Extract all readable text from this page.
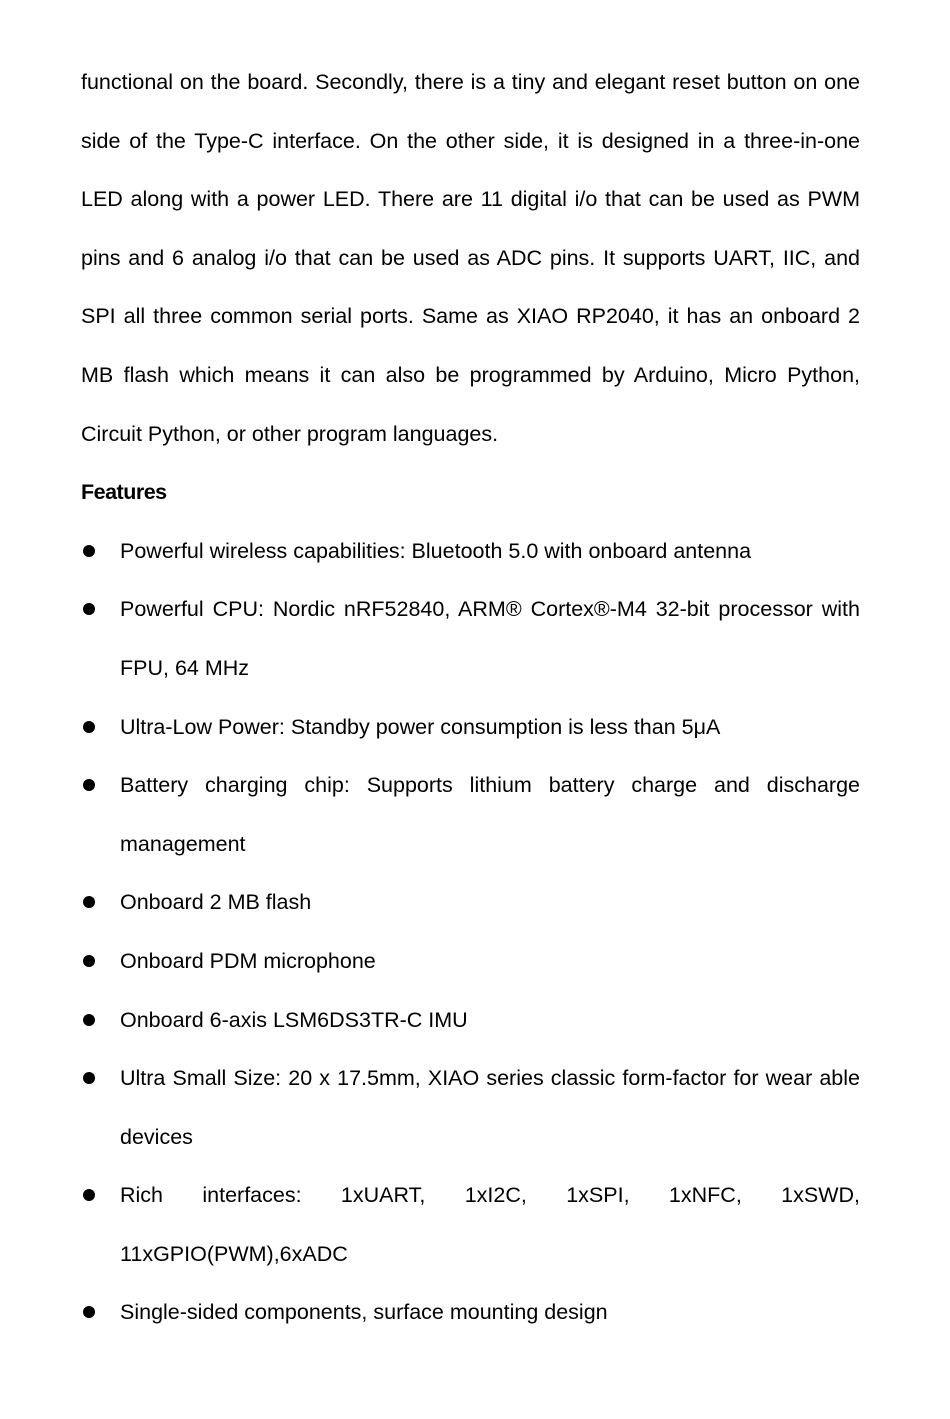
functional on the board. Secondly, there is a tiny and elegant reset button on one side of the Type-C interface. On the other side, it is designed in a three-in-one LED along with a power LED. There are 11 digital i/o that can be used as PWM pins and 6 analog i/o that can be used as ADC pins. It supports UART, IIC, and SPI all three common serial ports. Same as XIAO RP2040, it has an onboard 2 MB flash which means it can also be programmed by Arduino, Micro Python, Circuit Python, or other program languages.

Features
Powerful wireless capabilities: Bluetooth 5.0 with onboard antenna
Powerful CPU: Nordic nRF52840, ARM® Cortex®-M4 32-bit processor with FPU, 64 MHz
Ultra-Low Power: Standby power consumption is less than 5μA
Battery charging chip: Supports lithium battery charge and discharge management
Onboard 2 MB flash
Onboard PDM microphone
Onboard 6-axis LSM6DS3TR-C IMU
Ultra Small Size: 20 x 17.5mm, XIAO series classic form-factor for wear able devices
Rich interfaces: 1xUART, 1xI2C, 1xSPI, 1xNFC, 1xSWD, 11xGPIO(PWM),6xADC
Single-sided components, surface mounting design
